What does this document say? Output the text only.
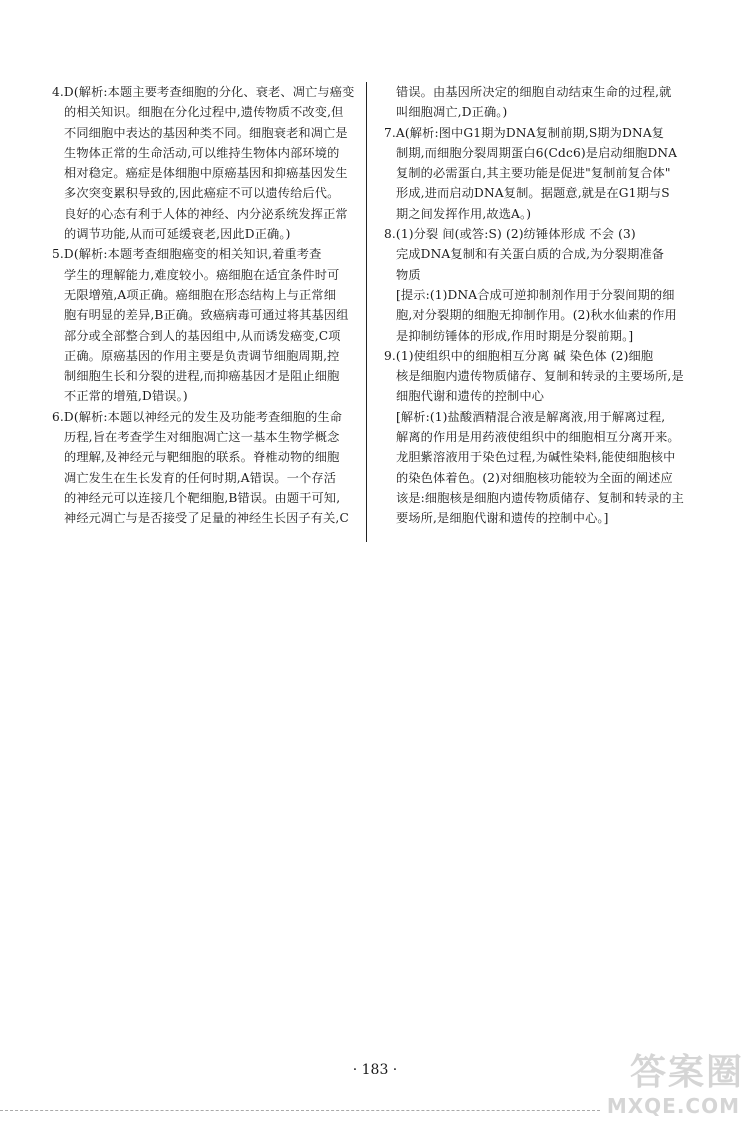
4.D(解析:本题主要考查细胞的分化、衰老、凋亡与癌变
的相关知识。细胞在分化过程中,遗传物质不改变,但
不同细胞中表达的基因种类不同。细胞衰老和凋亡是
生物体正常的生命活动,可以维持生物体内部环境的
相对稳定。癌症是体细胞中原癌基因和抑癌基因发生
多次突变累积导致的,因此癌症不可以遗传给后代。
良好的心态有利于人体的神经、内分泌系统发挥正常
的调节功能,从而可延缓衰老,因此D正确。)
5.D(解析:本题考查细胞癌变的相关知识,着重考查
学生的理解能力,难度较小。癌细胞在适宜条件时可
无限增殖,A项正确。癌细胞在形态结构上与正常细
胞有明显的差异,B正确。致癌病毒可通过将其基因组
部分或全部整合到人的基因组中,从而诱发癌变,C项
正确。原癌基因的作用主要是负责调节细胞周期,控
制细胞生长和分裂的进程,而抑癌基因才是阻止细胞
不正常的增殖,D错误。)
6.D(解析:本题以神经元的发生及功能考查细胞的生命
历程,旨在考查学生对细胞凋亡这一基本生物学概念
的理解,及神经元与靶细胞的联系。脊椎动物的细胞
凋亡发生在生长发育的任何时期,A错误。一个存活
的神经元可以连接几个靶细胞,B错误。由题干可知,
神经元凋亡与是否接受了足量的神经生长因子有关,C
错误。由基因所决定的细胞自动结束生命的过程,就
叫细胞凋亡,D正确。)
7.A(解析:图中G1期为DNA复制前期,S期为DNA复
制期,而细胞分裂周期蛋白6(Cdc6)是启动细胞DNA
复制的必需蛋白,其主要功能是促进"复制前复合体"
形成,进而启动DNA复制。据题意,就是在G1期与S
期之间发挥作用,故选A。)
8.(1)分裂 间(或答:S) (2)纺锤体形成 不会 (3)
完成DNA复制和有关蛋白质的合成,为分裂期准备
物质
[提示:(1)DNA合成可逆抑制剂作用于分裂间期的细
胞,对分裂期的细胞无抑制作用。(2)秋水仙素的作用
是抑制纺锤体的形成,作用时期是分裂前期。]
9.(1)使组织中的细胞相互分离 碱 染色体 (2)细胞
核是细胞内遗传物质储存、复制和转录的主要场所,是
细胞代谢和遗传的控制中心
[解析:(1)盐酸酒精混合液是解离液,用于解离过程,
解离的作用是用药液使组织中的细胞相互分离开来。
龙胆紫溶液用于染色过程,为碱性染料,能使细胞核中
的染色体着色。(2)对细胞核功能较为全面的阐述应
该是:细胞核是细胞内遗传物质储存、复制和转录的主
要场所,是细胞代谢和遗传的控制中心。]
· 183 ·	答案圈
MXQE.COM
